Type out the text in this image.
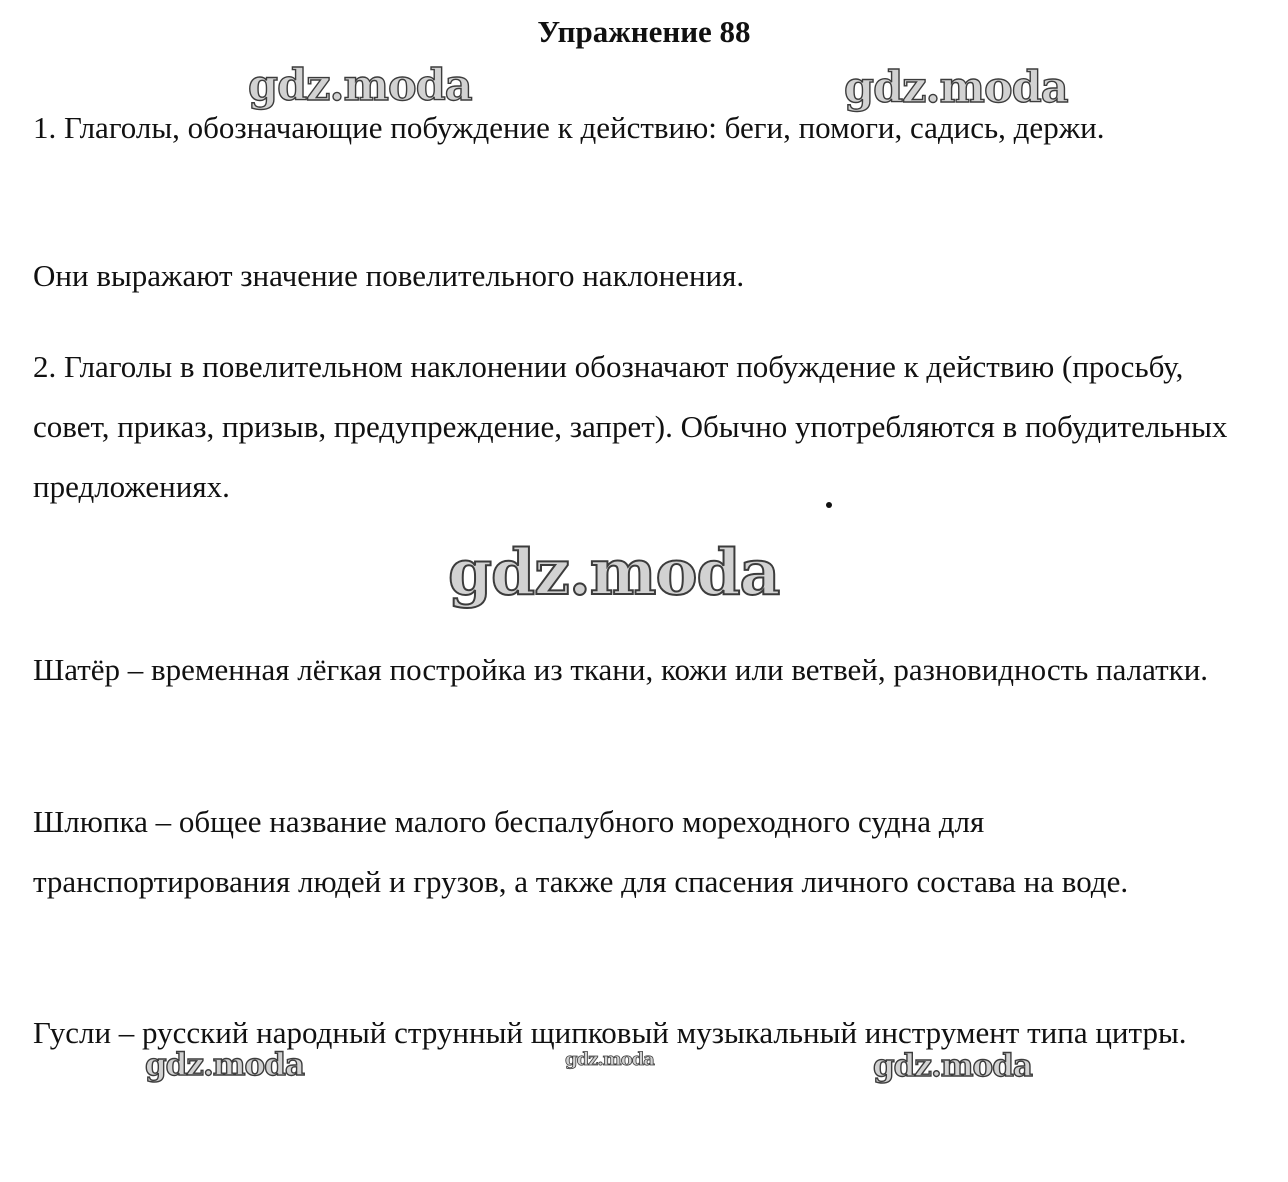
Упражнение 88
gdz.moda	gdz.moda

1. Глаголы, обозначающие побуждение к действию: беги, помоги, садись, держи.

Они выражают значение повелительного наклонения.

2. Глаголы в повелительном наклонении обозначают побуждение к действию (просьбу, совет, приказ, призыв, предупреждение, запрет). Обычно употребляются в побудительных предложениях.

gdz.moda

Шатёр – временная лёгкая постройка из ткани, кожи или ветвей, разновидность палатки.

Шлюпка – общее название малого беспалубного мореходного судна для транспортирования людей и грузов, а также для спасения личного состава на воде.

Гусли – русский народный струнный щипковый музыкальный инструмент типа цитры.

gdz.moda	gdz.moda	gdz.moda
